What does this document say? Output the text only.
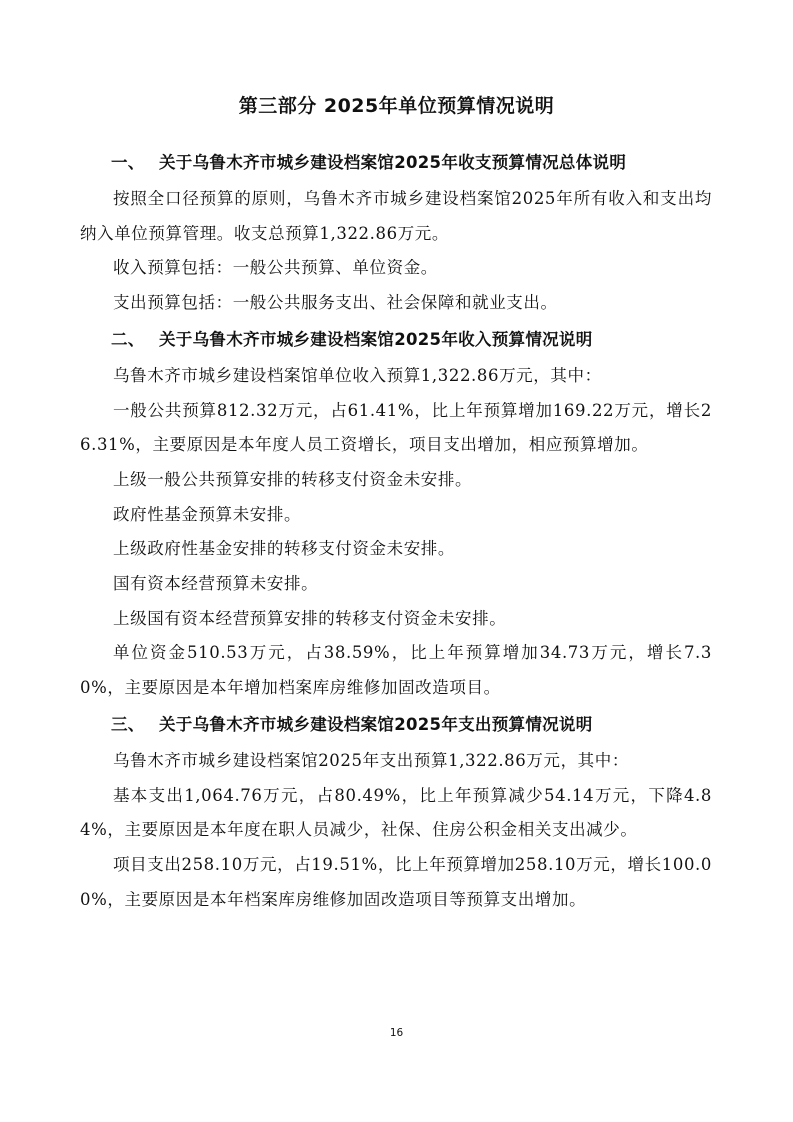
第三部分 2025年单位预算情况说明
一、 关于乌鲁木齐市城乡建设档案馆2025年收支预算情况总体说明

按照全口径预算的原则，乌鲁木齐市城乡建设档案馆2025年所有收入和支出均纳入单位预算管理。收支总预算1,322.86万元。

收入预算包括：一般公共预算、单位资金。

支出预算包括：一般公共服务支出、社会保障和就业支出。

二、 关于乌鲁木齐市城乡建设档案馆2025年收入预算情况说明

乌鲁木齐市城乡建设档案馆单位收入预算1,322.86万元，其中：

一般公共预算812.32万元，占61.41%，比上年预算增加169.22万元，增长26.31%，主要原因是本年度人员工资增长，项目支出增加，相应预算增加。

上级一般公共预算安排的转移支付资金未安排。

政府性基金预算未安排。

上级政府性基金安排的转移支付资金未安排。

国有资本经营预算未安排。

上级国有资本经营预算安排的转移支付资金未安排。

单位资金510.53万元，占38.59%，比上年预算增加34.73万元，增长7.30%，主要原因是本年增加档案库房维修加固改造项目。

三、 关于乌鲁木齐市城乡建设档案馆2025年支出预算情况说明

乌鲁木齐市城乡建设档案馆2025年支出预算1,322.86万元，其中：

基本支出1,064.76万元，占80.49%，比上年预算减少54.14万元，下降4.84%，主要原因是本年度在职人员减少，社保、住房公积金相关支出减少。

项目支出258.10万元，占19.51%，比上年预算增加258.10万元，增长100.00%，主要原因是本年档案库房维修加固改造项目等预算支出增加。

16
